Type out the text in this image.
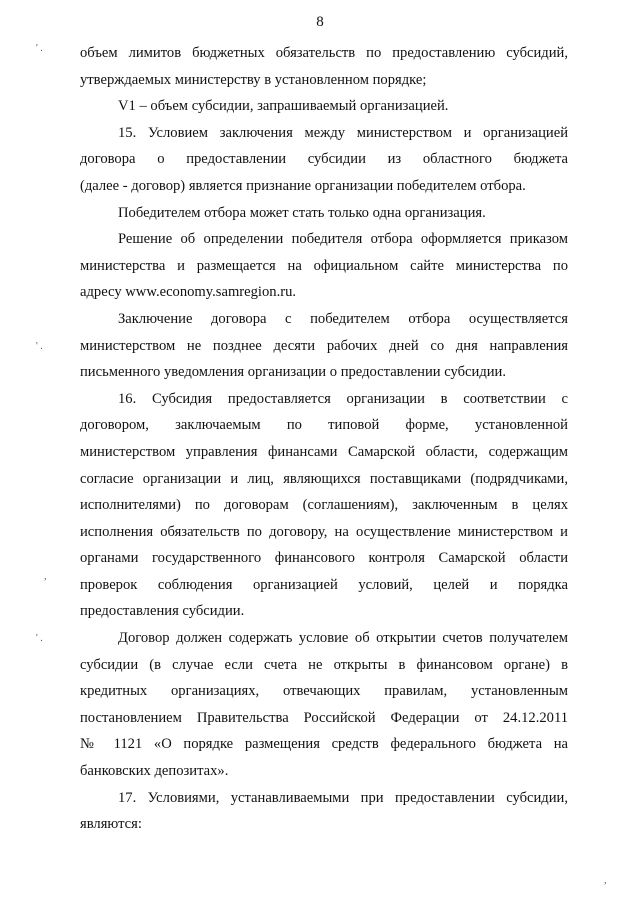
8
' .
' .
,
' .
,
объем лимитов бюджетных обязательств по предоставлению субсидий,
утверждаемых министерству в установленном порядке;
V1 – объем субсидии, запрашиваемый организацией.
15. Условием заключения между министерством и организацией
договора о предоставлении субсидии из областного бюджета
(далее - договор) является признание организации победителем отбора.
Победителем отбора может стать только одна организация.
Решение об определении победителя отбора оформляется приказом
министерства и размещается на официальном сайте министерства по
адресу www.economy.samregion.ru.
Заключение договора с победителем отбора осуществляется
министерством не позднее десяти рабочих дней со дня направления
письменного уведомления организации о предоставлении субсидии.
16. Субсидия предоставляется организации в соответствии с
договором, заключаемым по типовой форме, установленной
министерством управления финансами Самарской области, содержащим
согласие организации и лиц, являющихся поставщиками (подрядчиками,
исполнителями) по договорам (соглашениям), заключенным в целях
исполнения обязательств по договору, на осуществление министерством и
органами государственного финансового контроля Самарской области
проверок соблюдения организацией условий, целей и порядка
предоставления субсидии.
Договор должен содержать условие об открытии счетов получателем
субсидии (в случае если счета не открыты в финансовом органе) в
кредитных организациях, отвечающих правилам, установленным
постановлением Правительства Российской Федерации от 24.12.2011
№ 1121 «О порядке размещения средств федерального бюджета на
банковских депозитах».
17. Условиями, устанавливаемыми при предоставлении субсидии,
являются:
